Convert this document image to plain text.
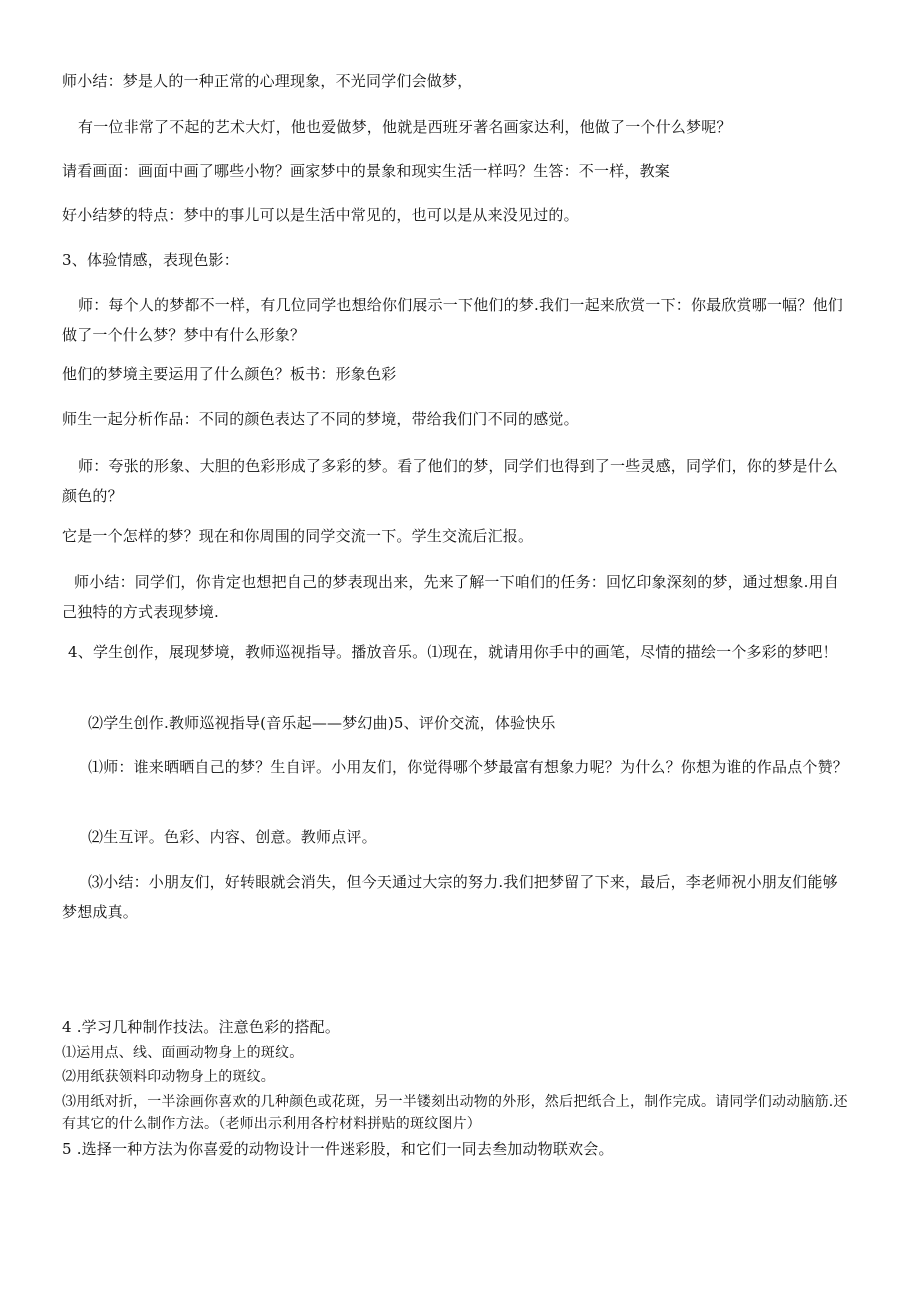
师小结：梦是人的一种正常的心理现象，不光同学们会做梦，
有一位非常了不起的艺术大灯，他也爱做梦，他就是西班牙著名画家达利，他做了一个什么梦呢？
请看画面：画面中画了哪些小物？画家梦中的景象和现实生活一样吗？生答：不一样，教案
好小结梦的特点：梦中的事儿可以是生活中常见的，也可以是从来没见过的。
3、体验情感，表现色影：
师：每个人的梦都不一样，有几位同学也想给你们展示一下他们的梦.我们一起来欣赏一下：你最欣赏哪一幅？他们做了一个什么梦？梦中有什么形象？
他们的梦境主要运用了什么颜色？板书：形象色彩
师生一起分析作品：不同的颜色表达了不同的梦境，带给我们门不同的感觉。
师：夸张的形象、大胆的色彩形成了多彩的梦。看了他们的梦，同学们也得到了一些灵感，同学们，你的梦是什么颜色的？
它是一个怎样的梦？现在和你周围的同学交流一下。学生交流后汇报。
师小结：同学们，你肯定也想把自己的梦表现出来，先来了解一下咱们的任务：回忆印象深刻的梦，通过想象.用自己独特的方式表现梦境.
4、学生创作，展现梦境，教师巡视指导。播放音乐。⑴现在，就请用你手中的画笔，尽情的描绘一个多彩的梦吧！
⑵学生创作.教师巡视指导(音乐起——梦幻曲)5、评价交流，体验快乐
⑴师：谁来晒晒自己的梦？生自评。小用友们，你觉得哪个梦最富有想象力呢？为什么？你想为谁的作品点个赞？
⑵生互评。色彩、内容、创意。教师点评。
⑶小结：小朋友们，好转眼就会消失，但今天通过大宗的努力.我们把梦留了下来，最后，李老师祝小朋友们能够梦想成真。
4 .学习几种制作技法。注意色彩的搭配。
⑴运用点、线、面画动物身上的斑纹。
⑵用纸获领料印动物身上的斑纹。
⑶用纸对折，一半涂画你喜欢的几种颜色或花斑，另一半镂刻出动物的外形，然后把纸合上，制作完成。请同学们动动脑筋.还有其它的什么制作方法。（老师出示利用各柠材料拼贴的斑纹图片）
5 .选择一种方法为你喜爱的动物设计一件迷彩股，和它们一同去叁加动物联欢会。
